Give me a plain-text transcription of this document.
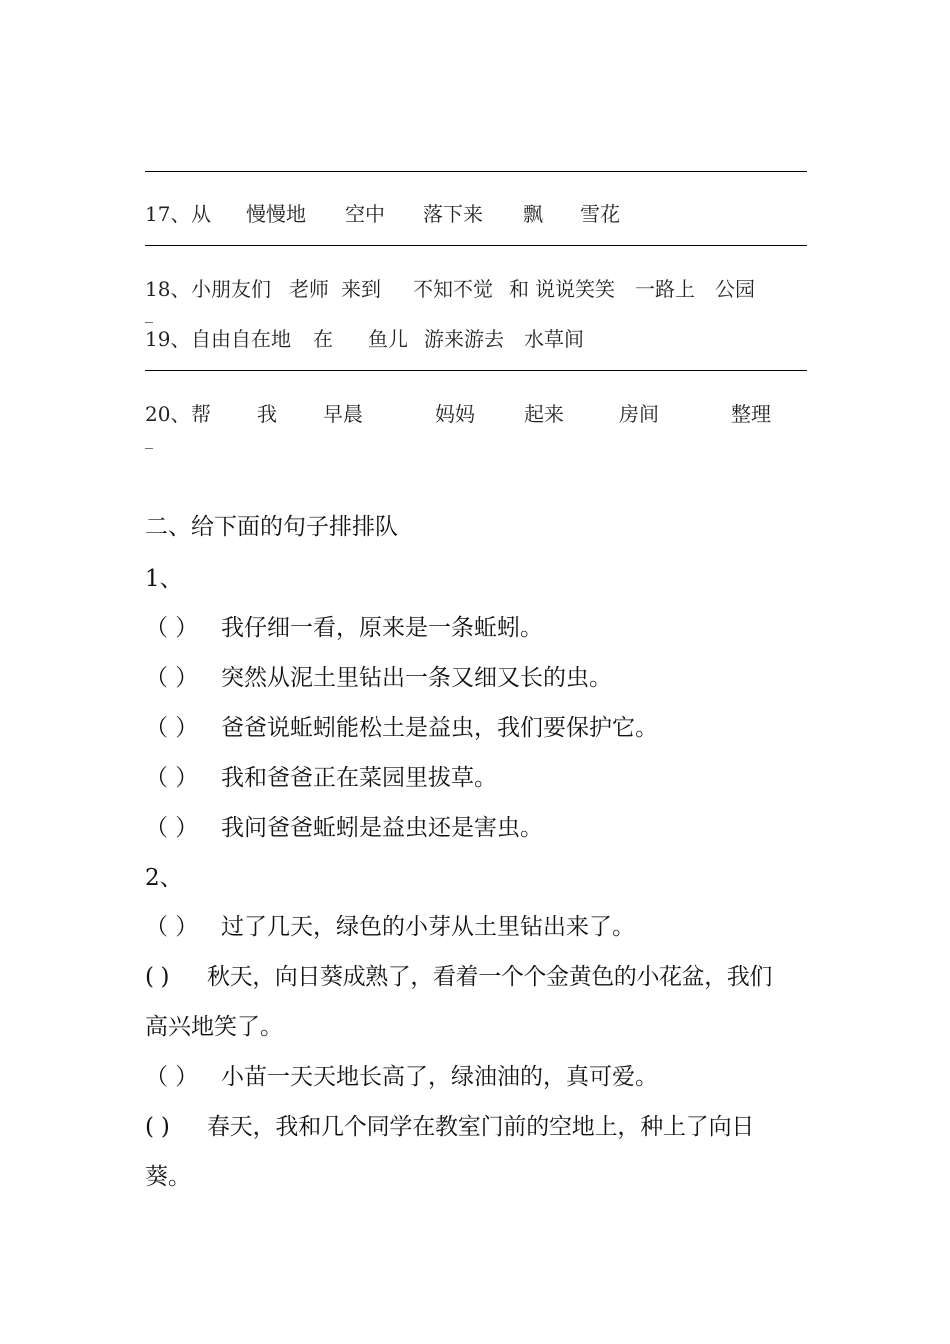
17、 从 慢慢地 空中 落下来 飘 雪花
18、 小朋友们 老师 来到 不知不觉 和 说说笑笑 一路上 公园
_
19、 自由自在地 在 鱼儿 游来游去 水草间
20、 帮 我 早晨	妈妈 起来	房间	整理
_
二、给下面的句子排排队
1、
（ ） 我仔细一看，原来是一条蚯蚓。
（ ） 突然从泥土里钻出一条又细又长的虫。
（ ） 爸爸说蚯蚓能松土是益虫，我们要保护它。
（ ） 我和爸爸正在菜园里拔草。
（ ） 我问爸爸蚯蚓是益虫还是害虫。
2、
（ ） 过了几天，绿色的小芽从土里钻出来了。
( ) 秋天，向日葵成熟了，看着一个个金黄色的小花盆，我们
高兴地笑了。
（ ） 小苗一天天地长高了，绿油油的，真可爱。
( ) 春天，我和几个同学在教室门前的空地上，种上了向日
葵。
